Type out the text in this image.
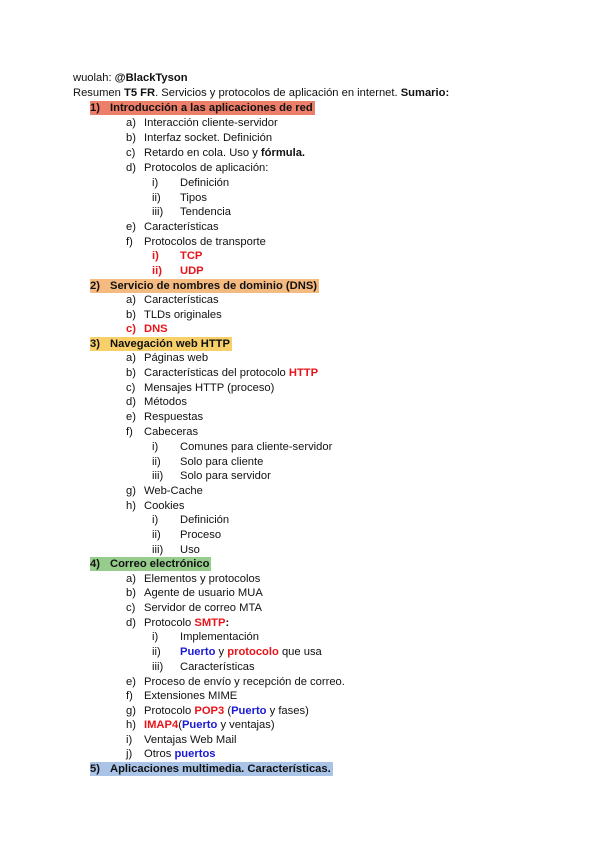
wuolah: @BlackTyson
Resumen T5 FR. Servicios y protocolos de aplicación en internet. Sumario:
1) Introducción a las aplicaciones de red
a) Interacción cliente-servidor
b) Interfaz socket. Definición
c) Retardo en cola. Uso y fórmula.
d) Protocolos de aplicación:
i) Definición
ii) Tipos
iii) Tendencia
e) Características
f) Protocolos de transporte
i) TCP
ii) UDP
2) Servicio de nombres de dominio (DNS)
a) Características
b) TLDs originales
c) DNS
3) Navegación web HTTP
a) Páginas web
b) Características del protocolo HTTP
c) Mensajes HTTP (proceso)
d) Métodos
e) Respuestas
f) Cabeceras
i) Comunes para cliente-servidor
ii) Solo para cliente
iii) Solo para servidor
g) Web-Cache
h) Cookies
i) Definición
ii) Proceso
iii) Uso
4) Correo electrónico
a) Elementos y protocolos
b) Agente de usuario MUA
c) Servidor de correo MTA
d) Protocolo SMTP:
i) Implementación
ii) Puerto y protocolo que usa
iii) Características
e) Proceso de envío y recepción de correo.
f) Extensiones MIME
g) Protocolo POP3 (Puerto y fases)
h) IMAP4(Puerto y ventajas)
i) Ventajas Web Mail
j) Otros puertos
5) Aplicaciones multimedia. Características.
